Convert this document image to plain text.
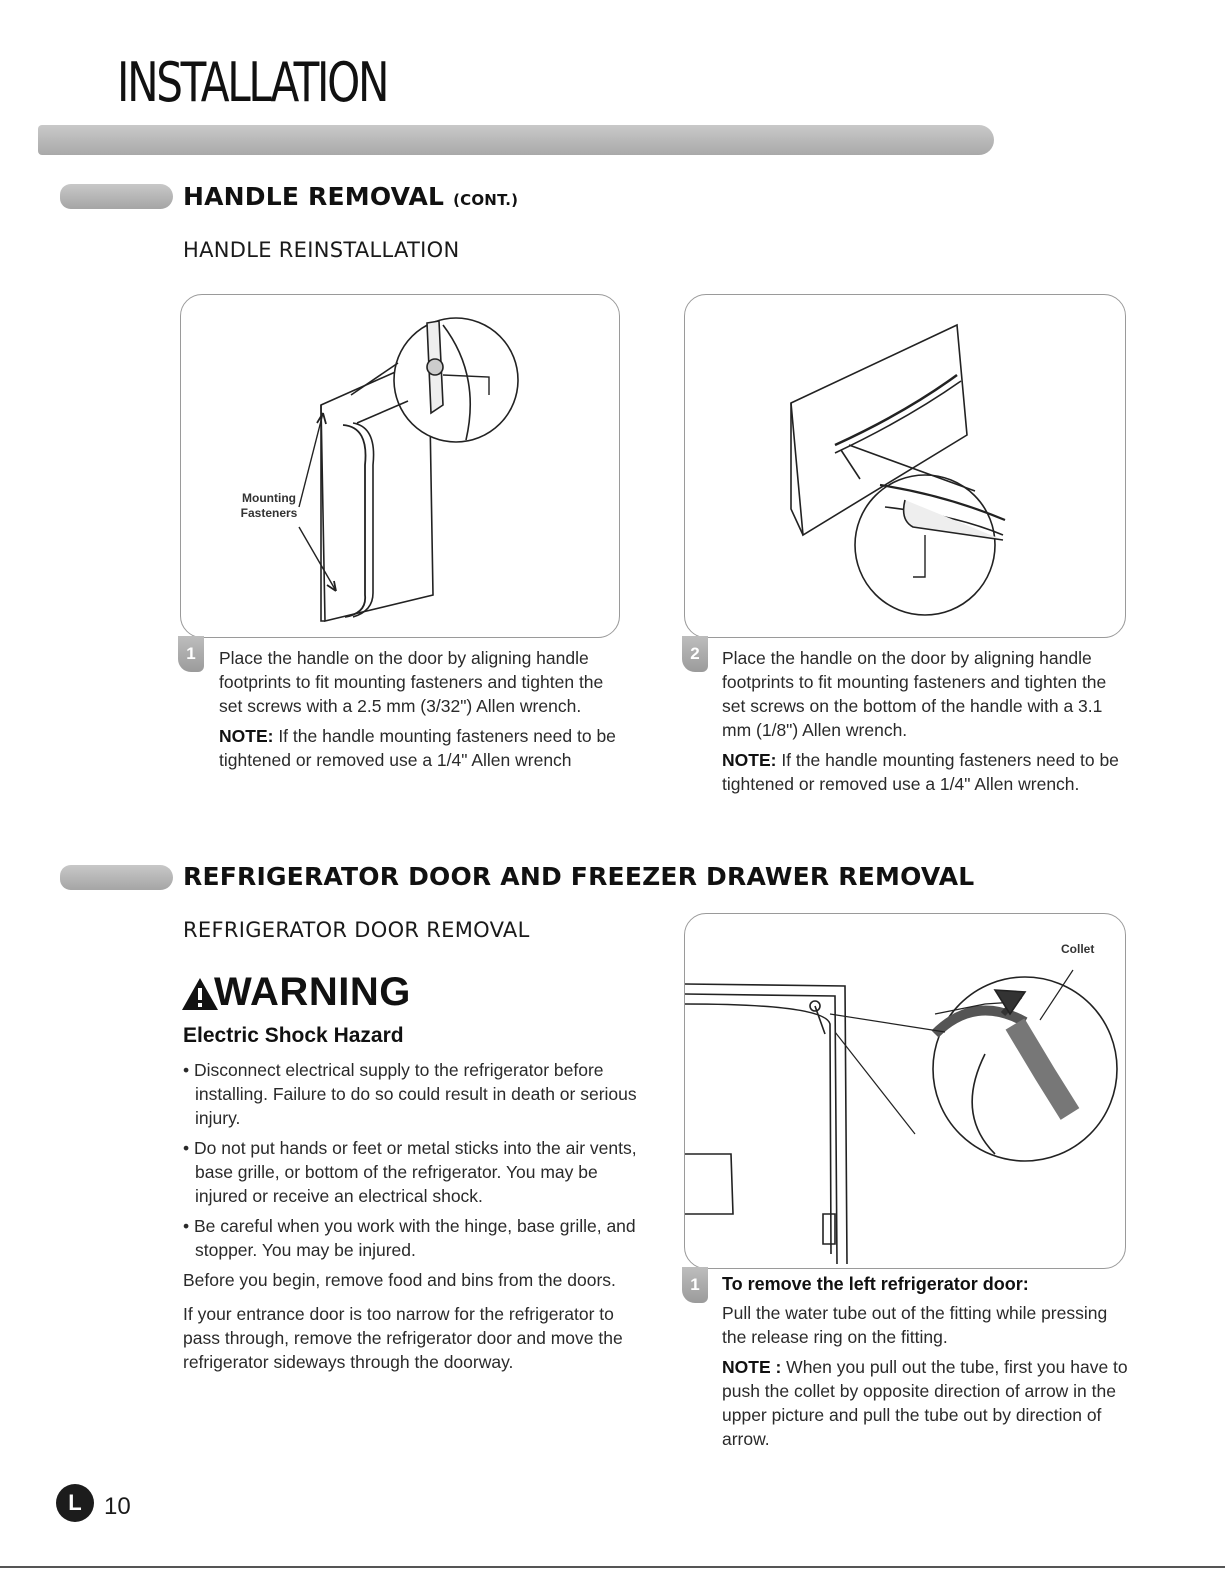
INSTALLATION
HANDLE REMOVAL (CONT.)
HANDLE REINSTALLATION
Mounting
Fasteners
1	Place the handle on the door by aligning handle footprints to fit mounting fasteners and tighten the set screws with a 2.5 mm (3/32") Allen wrench.

NOTE: If the handle mounting fasteners need to be tightened or removed use a 1/4" Allen wrench

2	Place the handle on the door by aligning handle footprints to fit mounting fasteners and tighten the set screws on the bottom of the handle with a 3.1 mm (1/8") Allen wrench.

NOTE: If the handle mounting fasteners need to be tightened or removed use a 1/4" Allen wrench.

REFRIGERATOR DOOR AND FREEZER DRAWER REMOVAL
REFRIGERATOR DOOR REMOVAL
WARNING
Electric Shock Hazard

• Disconnect electrical supply to the refrigerator before installing. Failure to do so could result in death or serious injury.

• Do not put hands or feet or metal sticks into the air vents, base grille, or bottom of the refrigerator. You may be injured or receive an electrical shock.

• Be careful when you work with the hinge, base grille, and stopper. You may be injured.

Before you begin, remove food and bins from the doors.

If your entrance door is too narrow for the refrigerator to pass through, remove the refrigerator door and move the refrigerator sideways through the doorway.

Collet
1	To remove the left refrigerator door:

Pull the water tube out of the fitting while pressing the release ring on the fitting.

NOTE : When you pull out the tube, first you have to push the collet by opposite direction of arrow in the upper picture and pull the tube out by direction of arrow.

L 10
